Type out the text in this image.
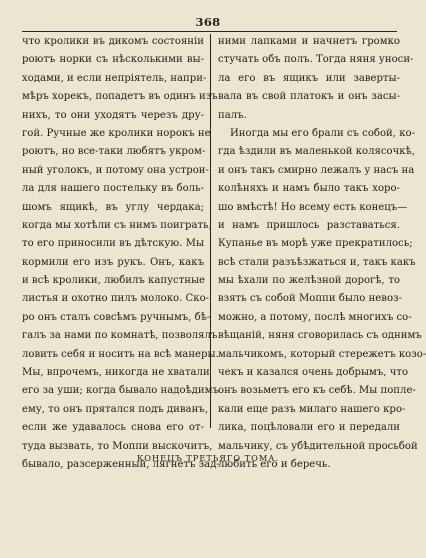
368
что кролики въ дикомъ состояніи
роютъ норки съ нѣсколькими вы-
ходами, и если непріятель, напри-
мѣръ хорекъ, попадетъ въ одинъ изъ
нихъ, то они уходятъ черезъ дру-
гой. Ручные же кролики норокъ не
роютъ, но все-таки любятъ укром-
ный уголокъ, и потому она устрои-
ла для нашего постельку въ боль-
шомъ ящикѣ, въ углу чердака;
когда мы хотѣли съ нимъ поиграть,
то его приносили въ дѣтскую. Мы
кормили его изъ рукъ. Онъ, какъ
и всѣ кролики, любилъ капустные
листья и охотно пилъ молоко. Ско-
ро онъ сталъ совсѣмъ ручнымъ, бѣ-
галъ за нами по комнатѣ, позволялъ
ловить себя и носить на всѣ манеры.
Мы, впрочемъ, никогда не хватали
его за уши; когда бывало надоѣдимъ
ему, то онъ прятался подъ диванъ,
если же удавалось снова его от-
туда вызвать, то Моппи выскочитъ,
бывало, разсерженный, лягнетъ зад-
ними лапками и начнетъ громко
стучать объ полъ. Тогда няня уноси-
ла его въ ящикъ или заверты-
вала въ свой платокъ и онъ засы-
палъ.
Иногда мы его брали съ собой, ко-
гда ѣздили въ маленькой колясочкѣ,
и онъ такъ смирно лежалъ у насъ на
колѣняхъ и намъ было такъ хоро-
шо вмѣстѣ! Но всему есть конецъ—
и намъ пришлось разставаться.
Купанье въ морѣ уже прекратилось;
всѣ стали разъѣзжаться и, такъ какъ
мы ѣхали по желѣзной дорогѣ, то
взять съ собой Моппи было невоз-
можно, а потому, послѣ многихъ со-
вѣщаній, няня сговорилась съ однимъ
мальчикомъ, который стережетъ козо-
чекъ и казался очень добрымъ, что
онъ возьметъ его къ себѣ. Мы попле-
кали еще разъ милаго нашего кро-
лика, поцѣловали его и передали
мальчику, съ убѣдительной просьбой
любить его и беречь.
КОНЕЦЪ ТРЕТЬЯГО ТОМА.
